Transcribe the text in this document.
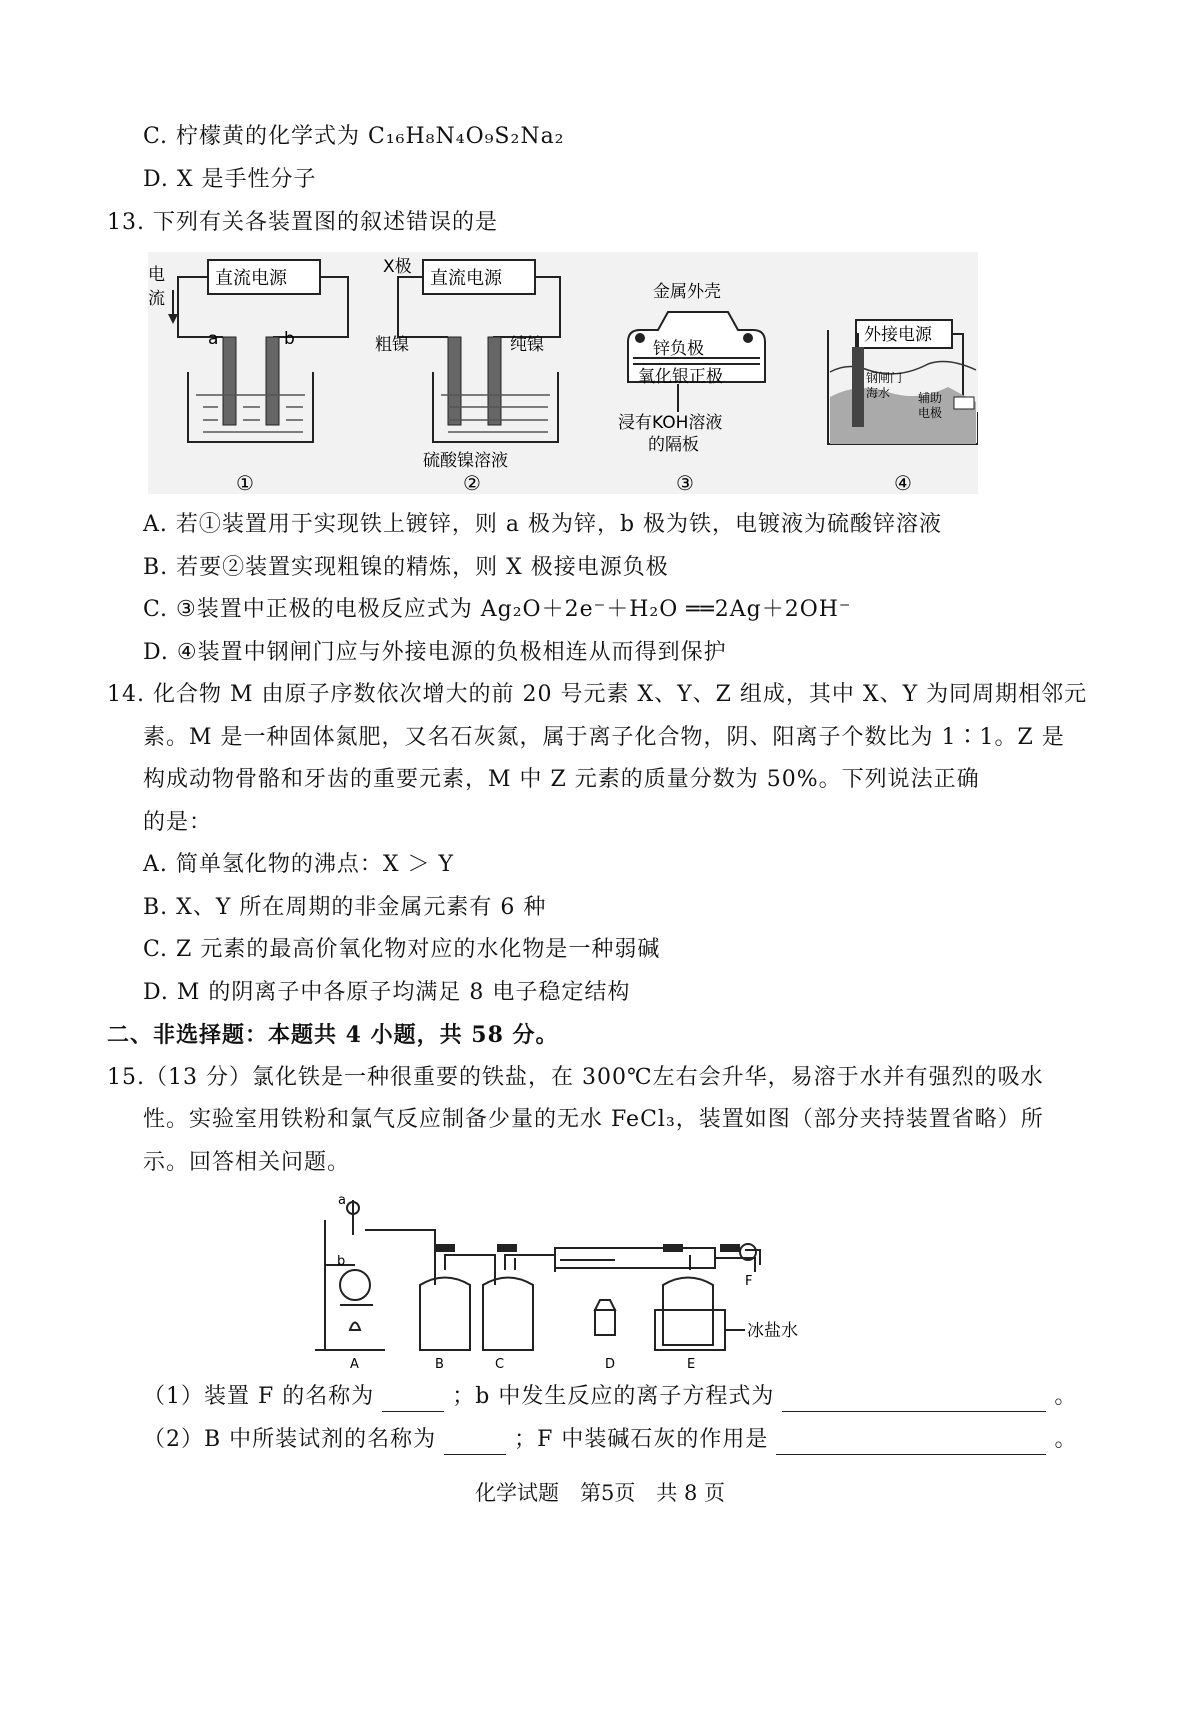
C. 柠檬黄的化学式为 C₁₆H₈N₄O₉S₂Na₂
D. X 是手性分子
13. 下列有关各装置图的叙述错误的是
电
流
直流电源
a	b
①
X极
直流电源
粗镍	纯镍
硫酸镍溶液
②
金属外壳
锌负极
氧化银正极
浸有KOH溶液
的隔板
③
外接电源
钢闸门
海水 辅助
电极
④
A. 若①装置用于实现铁上镀锌，则 a 极为锌，b 极为铁，电镀液为硫酸锌溶液
B. 若要②装置实现粗镍的精炼，则 X 极接电源负极
C. ③装置中正极的电极反应式为 Ag₂O＋2e⁻＋H₂O ══2Ag＋2OH⁻
D. ④装置中钢闸门应与外接电源的负极相连从而得到保护
14. 化合物 M 由原子序数依次增大的前 20 号元素 X、Y、Z 组成，其中 X、Y 为同周期相邻元
素。M 是一种固体氮肥，又名石灰氮，属于离子化合物，阴、阳离子个数比为 1∶1。Z 是
构成动物骨骼和牙齿的重要元素，M 中 Z 元素的质量分数为 50%。下列说法正确
的是：
A. 简单氢化物的沸点：X ＞ Y
B. X、Y 所在周期的非金属元素有 6 种
C. Z 元素的最高价氧化物对应的水化物是一种弱碱
D. M 的阴离子中各原子均满足 8 电子稳定结构
二、非选择题：本题共 4 小题，共 58 分。
15.（13 分）氯化铁是一种很重要的铁盐，在 300℃左右会升华，易溶于水并有强烈的吸水
性。实验室用铁粉和氯气反应制备少量的无水 FeCl₃，装置如图（部分夹持装置省略）所
示。回答相关问题。
a
b
A	B	C	D	E
F
冰盐水
（1）装置 F 的名称为	；b 中发生反应的离子方程式为	。
（2）B 中所装试剂的名称为	；F 中装碱石灰的作用是	。
化学试题　第5页　共 8 页
